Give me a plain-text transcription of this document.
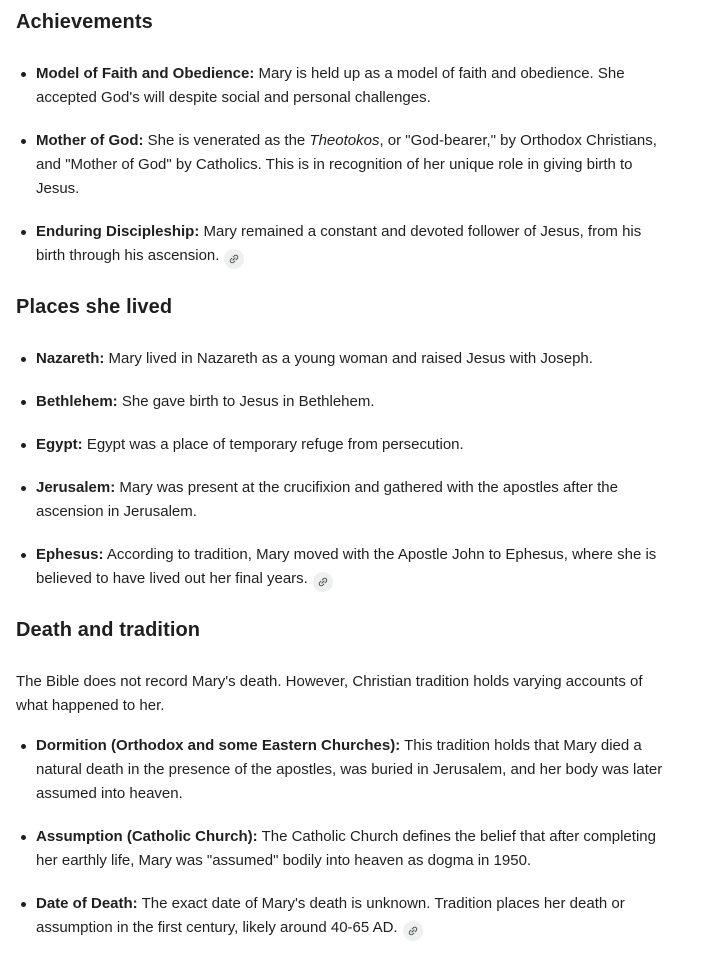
Achievements
Model of Faith and Obedience: Mary is held up as a model of faith and obedience. She accepted God's will despite social and personal challenges.
Mother of God: She is venerated as the Theotokos, or "God-bearer," by Orthodox Christians, and "Mother of God" by Catholics. This is in recognition of her unique role in giving birth to Jesus.
Enduring Discipleship: Mary remained a constant and devoted follower of Jesus, from his birth through his ascension.
Places she lived
Nazareth: Mary lived in Nazareth as a young woman and raised Jesus with Joseph.
Bethlehem: She gave birth to Jesus in Bethlehem.
Egypt: Egypt was a place of temporary refuge from persecution.
Jerusalem: Mary was present at the crucifixion and gathered with the apostles after the ascension in Jerusalem.
Ephesus: According to tradition, Mary moved with the Apostle John to Ephesus, where she is believed to have lived out her final years.
Death and tradition

The Bible does not record Mary's death. However, Christian tradition holds varying accounts of what happened to her.

Dormition (Orthodox and some Eastern Churches): This tradition holds that Mary died a natural death in the presence of the apostles, was buried in Jerusalem, and her body was later assumed into heaven.
Assumption (Catholic Church): The Catholic Church defines the belief that after completing her earthly life, Mary was "assumed" bodily into heaven as dogma in 1950.
Date of Death: The exact date of Mary's death is unknown. Tradition places her death or assumption in the first century, likely around 40-65 AD.
